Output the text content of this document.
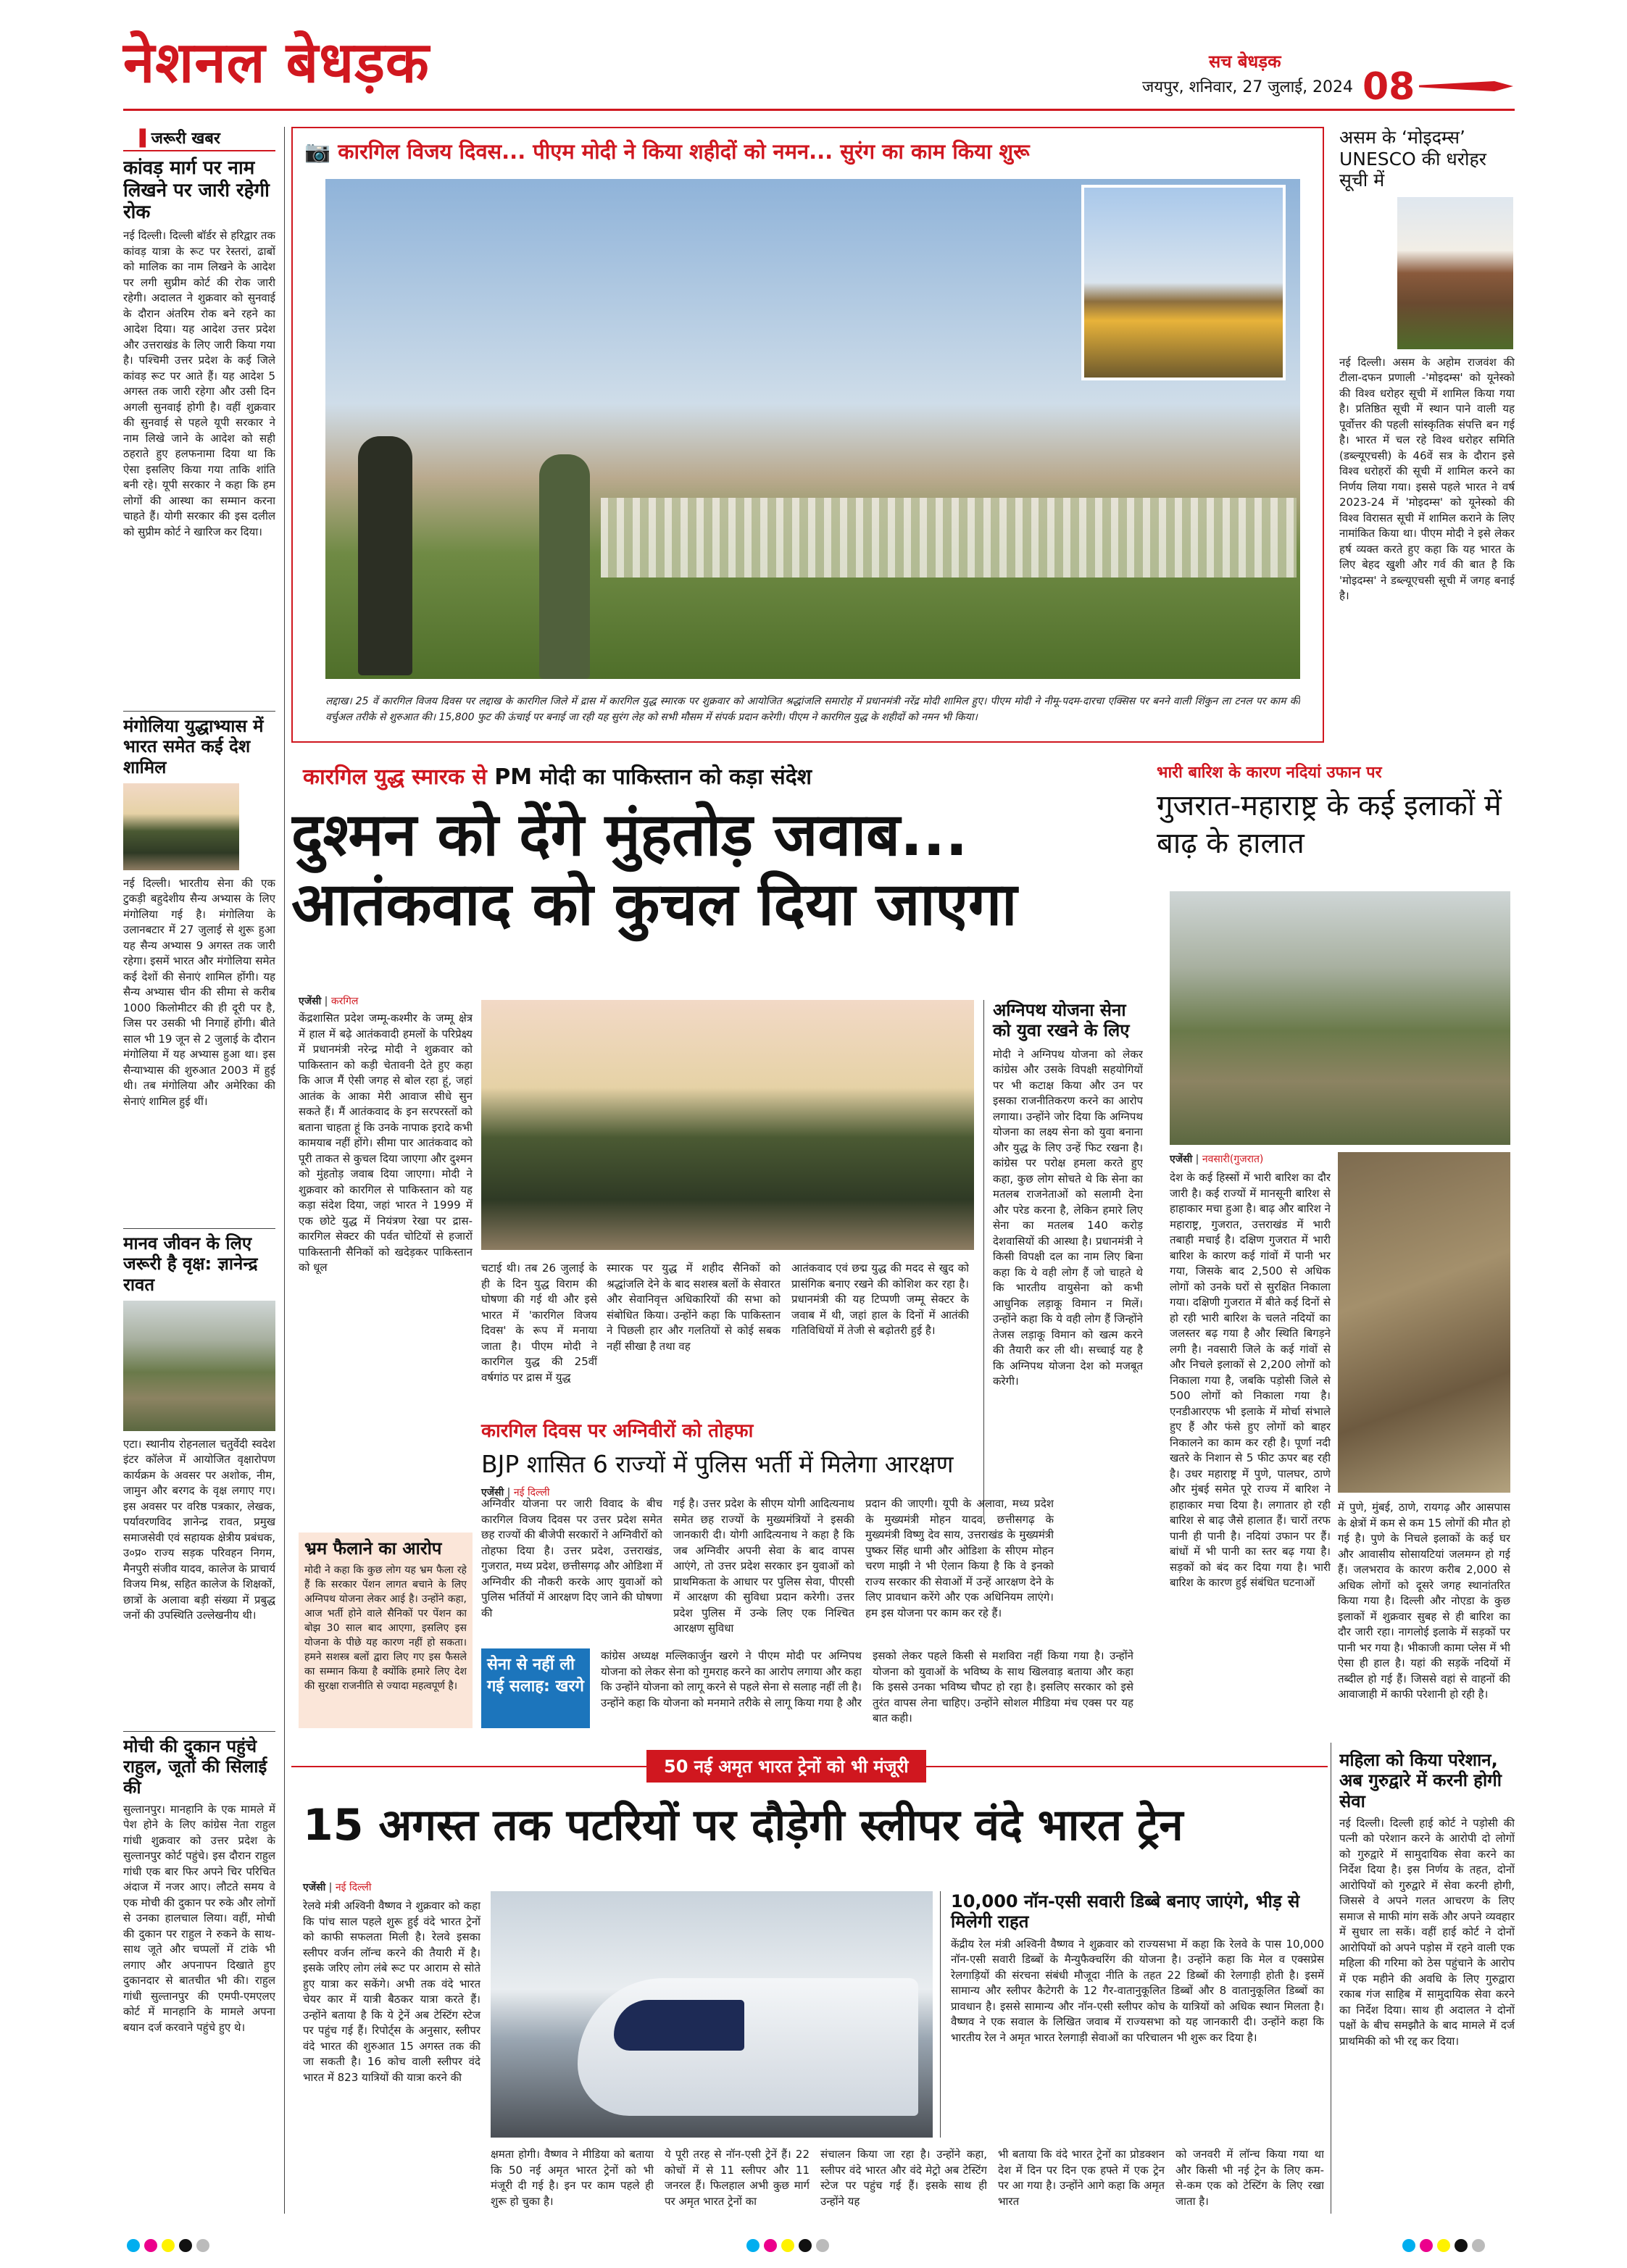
नेशनल बेधड़क	सच बेधड़क
जयपुर, शनिवार, 27 जुलाई, 2024 08
▐ जरूरी खबर
कांवड़ मार्ग पर नाम लिखने पर जारी रहेगी रोक

नई दिल्ली। दिल्ली बॉर्डर से हरिद्वार तक कांवड़ यात्रा के रूट पर रेस्तरां, ढाबों को मालिक का नाम लिखने के आदेश पर लगी सुप्रीम कोर्ट की रोक जारी रहेगी। अदालत ने शुक्रवार को सुनवाई के दौरान अंतरिम रोक बने रहने का आदेश दिया। यह आदेश उत्तर प्रदेश और उत्तराखंड के लिए जारी किया गया है। पश्चिमी उत्तर प्रदेश के कई जिले कांवड़ रूट पर आते हैं। यह आदेश 5 अगस्त तक जारी रहेगा और उसी दिन अगली सुनवाई होगी है। वहीं शुक्रवार की सुनवाई से पहले यूपी सरकार ने नाम लिखे जाने के आदेश को सही ठहराते हुए हलफनामा दिया था कि ऐसा इसलिए किया गया ताकि शांति बनी रहे। यूपी सरकार ने कहा कि हम लोगों की आस्था का सम्मान करना चाहते हैं। योगी सरकार की इस दलील को सुप्रीम कोर्ट ने खारिज कर दिया।

मंगोलिया युद्धाभ्यास में भारत समेत कई देश शामिल

नई दिल्ली। भारतीय सेना की एक टुकड़ी बहुदेशीय सैन्य अभ्यास के लिए मंगोलिया गई है। मंगोलिया के उलानबटार में 27 जुलाई से शुरू हुआ यह सैन्य अभ्यास 9 अगस्त तक जारी रहेगा। इसमें भारत और मंगोलिया समेत कई देशों की सेनाएं शामिल होंगी। यह सैन्य अभ्यास चीन की सीमा से करीब 1000 किलोमीटर की ही दूरी पर है, जिस पर उसकी भी निगाहें होंगी। बीते साल भी 19 जून से 2 जुलाई के दौरान मंगोलिया में यह अभ्यास हुआ था। इस सैन्याभ्यास की शुरुआत 2003 में हुई थी। तब मंगोलिया और अमेरिका की सेनाएं शामिल हुई थीं।

मानव जीवन के लिए जरूरी है वृक्ष: ज्ञानेन्द्र रावत

एटा। स्थानीय रोहनलाल चतुर्वेदी स्वदेश इंटर कॉलेज में आयोजित वृक्षारोपण कार्यक्रम के अवसर पर अशोक, नीम, जामुन और बरगद के वृक्ष लगाए गए। इस अवसर पर वरिष्ठ पत्रकार, लेखक, पर्यावरणविद ज्ञानेन्द्र रावत, प्रमुख समाजसेवी एवं सहायक क्षेत्रीय प्रबंधक, उ०प्र० राज्य सड़क परिवहन निगम, मैनपुरी संजीव यादव, कालेज के प्राचार्य विजय मिश्र, सहित कालेज के शिक्षकों, छात्रों के अलावा बड़ी संख्या में प्रबुद्ध जनों की उपस्थिति उल्लेखनीय थी।

मोची की दुकान पहुंचे राहुल, जूतों की सिलाई की

सुल्तानपुर। मानहानि के एक मामले में पेश होने के लिए कांग्रेस नेता राहुल गांधी शुक्रवार को उत्तर प्रदेश के सुल्तानपुर कोर्ट पहुंचे। इस दौरान राहुल गांधी एक बार फिर अपने चिर परिचित अंदाज में नजर आए। लौटते समय वे एक मोची की दुकान पर रुके और लोगों से उनका हालचाल लिया। वहीं, मोची की दुकान पर राहुल ने रुकने के साथ-साथ जूते और चप्पलों में टांके भी लगाए और अपनापन दिखाते हुए दुकानदार से बातचीत भी की। राहुल गांधी सुल्तानपुर की एमपी-एमएलए कोर्ट में मानहानि के मामले अपना बयान दर्ज करवाने पहुंचे हुए थे।

📷 कारगिल विजय दिवस... पीएम मोदी ने किया शहीदों को नमन... सुरंग का काम किया शुरू

लद्दाख। 25 वें कारगिल विजय दिवस पर लद्दाख के कारगिल जिले में द्रास में कारगिल युद्ध स्मारक पर शुक्रवार को आयोजित श्रद्धांजलि समारोह में प्रधानमंत्री नरेंद्र मोदी शामिल हुए। पीएम मोदी ने नीमू-पदम-दारचा एक्सिस पर बनने वाली शिंकुन ला टनल पर काम की वर्चुअल तरीके से शुरुआत की। 15,800 फुट की ऊंचाई पर बनाई जा रही यह सुरंग लेह को सभी मौसम में संपर्क प्रदान करेगी। पीएम ने कारगिल युद्ध के शहीदों को नमन भी किया।

असम के ‘मोइदम्स’ UNESCO की धरोहर सूची में

नई दिल्ली। असम के अहोम राजवंश की टीला-दफन प्रणाली -'मोइदम्स' को यूनेस्को की विश्व धरोहर सूची में शामिल किया गया है। प्रतिष्ठित सूची में स्थान पाने वाली यह पूर्वोत्तर की पहली सांस्कृतिक संपत्ति बन गई है। भारत में चल रहे विश्व धरोहर समिति (डब्ल्यूएचसी) के 46वें सत्र के दौरान इसे विश्व धरोहरों की सूची में शामिल करने का निर्णय लिया गया। इससे पहले भारत ने वर्ष 2023-24 में 'मोइदम्स' को यूनेस्को की विश्व विरासत सूची में शामिल कराने के लिए नामांकित किया था। पीएम मोदी ने इसे लेकर हर्ष व्यक्त करते हुए कहा कि यह भारत के लिए बेहद खुशी और गर्व की बात है कि 'मोइदम्स' ने डब्ल्यूएचसी सूची में जगह बनाई है।

भारी बारिश के कारण नदियां उफान पर
गुजरात-महाराष्ट्र के कई इलाकों में बाढ़ के हालात
एजेंसी | नवसारी(गुजरात)

देश के कई हिस्सों में भारी बारिश का दौर जारी है। कई राज्यों में मानसूनी बारिश से हाहाकार मचा हुआ है। बाढ़ और बारिश ने महाराष्ट्र, गुजरात, उत्तराखंड में भारी तबाही मचाई है। दक्षिण गुजरात में भारी बारिश के कारण कई गांवों में पानी भर गया, जिसके बाद 2,500 से अधिक लोगों को उनके घरों से सुरक्षित निकाला गया। दक्षिणी गुजरात में बीते कई दिनों से हो रही भारी बारिश के चलते नदियों का जलस्तर बढ़ गया है और स्थिति बिगड़ने लगी है। नवसारी जिले के कई गांवों से और निचले इलाकों से 2,200 लोगों को निकाला गया है, जबकि पड़ोसी जिले से 500 लोगों को निकाला गया है। एनडीआरएफ भी इलाके में मोर्चा संभाले हुए हैं और फंसे हुए लोगों को बाहर निकालने का काम कर रही है। पूर्णा नदी खतरे के निशान से 5 फीट ऊपर बह रही है। उधर महाराष्ट्र में पुणे, पालघर, ठाणे और मुंबई समेत पूरे राज्य में बारिश ने हाहाकार मचा दिया है। लगातार हो रही बारिश से बाढ़ जैसे हालात हैं। चारों तरफ पानी ही पानी है। नदियां उफान पर हैं। बांधों में भी पानी का स्तर बढ़ गया है। सड़कों को बंद कर दिया गया है। भारी बारिश के कारण हुई संबंधित घटनाओं

में पुणे, मुंबई, ठाणे, रायगढ़ और आसपास के क्षेत्रों में कम से कम 15 लोगों की मौत हो गई है। पुणे के निचले इलाकों के कई घर और आवासीय सोसायटियां जलमग्न हो गई हैं। जलभराव के कारण करीब 2,000 से अधिक लोगों को दूसरे जगह स्थानांतरित किया गया है। दिल्ली और नोएडा के कुछ इलाकों में शुक्रवार सुबह से ही बारिश का दौर जारी रहा। नागलोई इलाके में सड़कों पर पानी भर गया है। भीकाजी कामा प्लेस में भी ऐसा ही हाल है। यहां की सड़कें नदियों में तब्दील हो गई हैं। जिससे वहां से वाहनों की आवाजाही में काफी परेशानी हो रही है।

महिला को किया परेशान, अब गुरुद्वारे में करनी होगी सेवा

नई दिल्ली। दिल्ली हाई कोर्ट ने पड़ोसी की पत्नी को परेशान करने के आरोपी दो लोगों को गुरुद्वारे में सामुदायिक सेवा करने का निर्देश दिया है। इस निर्णय के तहत, दोनों आरोपियों को गुरुद्वारे में सेवा करनी होगी, जिससे वे अपने गलत आचरण के लिए समाज से माफी मांग सकें और अपने व्यवहार में सुधार ला सकें। वहीं हाई कोर्ट ने दोनों आरोपियों को अपने पड़ोस में रहने वाली एक महिला की गरिमा को ठेस पहुंचाने के आरोप में एक महीने की अवधि के लिए गुरुद्वारा रकाब गंज साहिब में सामुदायिक सेवा करने का निर्देश दिया। साथ ही अदालत ने दोनों पक्षों के बीच समझौते के बाद मामले में दर्ज प्राथमिकी को भी रद्द कर दिया।

कारगिल युद्ध स्मारक से PM मोदी का पाकिस्तान को कड़ा संदेश
दुश्मन को देंगे मुंहतोड़ जवाब...
आतंकवाद को कुचल दिया जाएगा
एजेंसी | करगिल

केंद्रशासित प्रदेश जम्मू-कश्मीर के जम्मू क्षेत्र में हाल में बढ़े आतंकवादी हमलों के परिप्रेक्ष्य में प्रधानमंत्री नरेन्द्र मोदी ने शुक्रवार को पाकिस्तान को कड़ी चेतावनी देते हुए कहा कि आज मैं ऐसी जगह से बोल रहा हूं, जहां आतंक के आका मेरी आवाज सीधे सुन सकते हैं। मैं आतंकवाद के इन सरपरस्तों को बताना चाहता हूं कि उनके नापाक इरादे कभी कामयाब नहीं होंगे। सीमा पार आतंकवाद को पूरी ताकत से कुचल दिया जाएगा और दुश्मन को मुंहतोड़ जवाब दिया जाएगा। मोदी ने शुक्रवार को कारगिल से पाकिस्तान को यह कड़ा संदेश दिया, जहां भारत ने 1999 में एक छोटे युद्ध में नियंत्रण रेखा पर द्रास-कारगिल सेक्टर की पर्वत चोटियों से हजारों पाकिस्तानी सैनिकों को खदेड़कर पाकिस्तान को धूल	चटाई थी। तब 26 जुलाई के ही के दिन युद्ध विराम की घोषणा की गई थी और इसे भारत में 'कारगिल विजय दिवस' के रूप में मनाया जाता है। पीएम मोदी ने कारगिल युद्ध की 25वीं वर्षगांठ पर द्रास में युद्ध

स्मारक पर युद्ध में शहीद सैनिकों को श्रद्धांजलि देने के बाद सशस्त्र बलों के सेवारत और सेवानिवृत्त अधिकारियों की सभा को संबोधित किया। उन्होंने कहा कि पाकिस्तान ने पिछली हार और गलतियों से कोई सबक नहीं सीखा है तथा वह

आतंकवाद एवं छद्म युद्ध की मदद से खुद को प्रासंगिक बनाए रखने की कोशिश कर रहा है। प्रधानमंत्री की यह टिप्पणी जम्मू सेक्टर के जवाब में थी, जहां हाल के दिनों में आतंकी गतिविधियों में तेजी से बढ़ोतरी हुई है।

अग्निपथ योजना सेना को युवा रखने के लिए

मोदी ने अग्निपथ योजना को लेकर कांग्रेस और उसके विपक्षी सहयोगियों पर भी कटाक्ष किया और उन पर इसका राजनीतिकरण करने का आरोप लगाया। उन्होंने जोर दिया कि अग्निपथ योजना का लक्ष्य सेना को युवा बनाना और युद्ध के लिए उन्हें फिट रखना है। कांग्रेस पर परोक्ष हमला करते हुए कहा, कुछ लोग सोचते थे कि सेना का मतलब राजनेताओं को सलामी देना और परेड करना है, लेकिन हमारे लिए सेना का मतलब 140 करोड़ देशवासियों की आस्था है। प्रधानमंत्री ने किसी विपक्षी दल का नाम लिए बिना कहा कि ये वही लोग हैं जो चाहते थे कि भारतीय वायुसेना को कभी आधुनिक लड़ाकू विमान न मिलें। उन्होंने कहा कि ये वही लोग हैं जिन्होंने तेजस लड़ाकू विमान को खत्म करने की तैयारी कर ली थी। सच्चाई यह है कि अग्निपथ योजना देश को मजबूत करेगी।

भ्रम फैलाने का आरोप

मोदी ने कहा कि कुछ लोग यह भ्रम फैला रहे हैं कि सरकार पेंशन लागत बचाने के लिए अग्निपथ योजना लेकर आई है। उन्होंने कहा, आज भर्ती होने वाले सैनिकों पर पेंशन का बोझ 30 साल बाद आएगा, इसलिए इस योजना के पीछे यह कारण नहीं हो सकता। हमने सशस्त्र बलों द्वारा लिए गए इस फैसले का सम्मान किया है क्योंकि हमारे लिए देश की सुरक्षा राजनीति से ज्यादा महत्वपूर्ण है।

कारगिल दिवस पर अग्निवीरों को तोहफा
BJP शासित 6 राज्यों में पुलिस भर्ती में मिलेगा आरक्षण
एजेंसी | नई दिल्ली

अग्निवीर योजना पर जारी विवाद के बीच कारगिल विजय दिवस पर उत्तर प्रदेश समेत छह राज्यों की बीजेपी सरकारों ने अग्निवीरों को तोहफा दिया है। उत्तर प्रदेश, उत्तराखंड, गुजरात, मध्य प्रदेश, छत्तीसगढ़ और ओडिशा में अग्निवीर की नौकरी करके आए युवाओं को पुलिस भर्तियों में आरक्षण दिए जाने की घोषणा की

गई है। उत्तर प्रदेश के सीएम योगी आदित्यनाथ समेत छह राज्यों के मुख्यमंत्रियों ने इसकी जानकारी दी। योगी आदित्यनाथ ने कहा है कि जब अग्निवीर अपनी सेवा के बाद वापस आएंगे, तो उत्तर प्रदेश सरकार इन युवाओं को प्राथमिकता के आधार पर पुलिस सेवा, पीएसी में आरक्षण की सुविधा प्रदान करेगी। उत्तर प्रदेश पुलिस में उन्के लिए एक निश्चित आरक्षण सुविधा

प्रदान की जाएगी। यूपी के अलावा, मध्य प्रदेश के मुख्यमंत्री मोहन यादव, छत्तीसगढ़ के मुख्यमंत्री विष्णु देव साय, उत्तराखंड के मुख्यमंत्री पुष्कर सिंह धामी और ओडिशा के सीएम मोहन चरण माझी ने भी ऐलान किया है कि वे इनको राज्य सरकार की सेवाओं में उन्हें आरक्षण देने के लिए प्रावधान करेंगे और एक अधिनियम लाएंगे। हम इस योजना पर काम कर रहे हैं।

सेना से नहीं ली गई सलाह: खरगे

कांग्रेस अध्यक्ष मल्लिकार्जुन खरगे ने पीएम मोदी पर अग्निपथ योजना को लेकर सेना को गुमराह करने का आरोप लगाया और कहा कि उन्होंने योजना को लागू करने से पहले सेना से सलाह नहीं ली है। उन्होंने कहा कि योजना को मनमाने तरीके से लागू किया गया है और

इसको लेकर पहले किसी से मशविरा नहीं किया गया है। उन्होंने योजना को युवाओं के भविष्य के साथ खिलवाड़ बताया और कहा कि इससे उनका भविष्य चौपट हो रहा है। इसलिए सरकार को इसे तुरंत वापस लेना चाहिए। उन्होंने सोशल मीडिया मंच एक्स पर यह बात कही।

50 नई अमृत भारत ट्रेनों को भी मंजूरी
15 अगस्त तक पटरियों पर दौड़ेगी स्लीपर वंदे भारत ट्रेन
एजेंसी | नई दिल्ली

रेलवे मंत्री अश्विनी वैष्णव ने शुक्रवार को कहा कि पांच साल पहले शुरू हुई वंदे भारत ट्रेनों को काफी सफलता मिली है। रेलवे इसका स्लीपर वर्जन लॉन्च करने की तैयारी में है। इसके जरिए लोग लंबे रूट पर आराम से सोते हुए यात्रा कर सकेंगे। अभी तक वंदे भारत चेयर कार में यात्री बैठकर यात्रा करते हैं। उन्होंने बताया है कि ये ट्रेनें अब टेस्टिंग स्टेज पर पहुंच गई हैं। रिपोर्ट्स के अनुसार, स्लीपर वंदे भारत की शुरुआत 15 अगस्त तक की जा सकती है। 16 कोच वाली स्लीपर वंदे भारत में 823 यात्रियों की यात्रा करने की

10,000 नॉन-एसी सवारी डिब्बे बनाए जाएंगे, भीड़ से मिलेगी राहत

केंद्रीय रेल मंत्री अश्विनी वैष्णव ने शुक्रवार को राज्यसभा में कहा कि रेलवे के पास 10,000 नॉन-एसी सवारी डिब्बों के मैन्युफैक्चरिंग की योजना है। उन्होंने कहा कि मेल व एक्सप्रेस रेलगाड़ियों की संरचना संबंधी मौजूदा नीति के तहत 22 डिब्बों की रेलगाड़ी होती है। इसमें सामान्य और स्लीपर कैटेगरी के 12 गैर-वातानुकूलित डिब्बों और 8 वातानुकूलित डिब्बों का प्रावधान है। इससे सामान्य और नॉन-एसी स्लीपर कोच के यात्रियों को अधिक स्थान मिलता है। वैष्णव ने एक सवाल के लिखित जवाब में राज्यसभा को यह जानकारी दी। उन्होंने कहा कि भारतीय रेल ने अमृत भारत रेलगाड़ी सेवाओं का परिचालन भी शुरू कर दिया है।

क्षमता होगी। वैष्णव ने मीडिया को बताया कि 50 नई अमृत भारत ट्रेनों को भी मंजूरी दी गई है। इन पर काम पहले ही शुरू हो चुका है।

ये पूरी तरह से नॉन-एसी ट्रेनें हैं। 22 कोचों में से 11 स्लीपर और 11 जनरल हैं। फिलहाल अभी कुछ मार्ग पर अमृत भारत ट्रेनों का

संचालन किया जा रहा है। उन्होंने कहा, स्लीपर वंदे भारत और वंदे मेट्रो अब टेस्टिंग स्टेज पर पहुंच गई हैं। इसके साथ ही उन्होंने यह

भी बताया कि वंदे भारत ट्रेनों का प्रोडक्शन देश में दिन पर दिन एक हफ्ते में एक ट्रेन पर आ गया है। उन्होंने आगे कहा कि अमृत भारत

को जनवरी में लॉन्च किया गया था और किसी भी नई ट्रेन के लिए कम-से-कम एक को टेस्टिंग के लिए रखा जाता है।
